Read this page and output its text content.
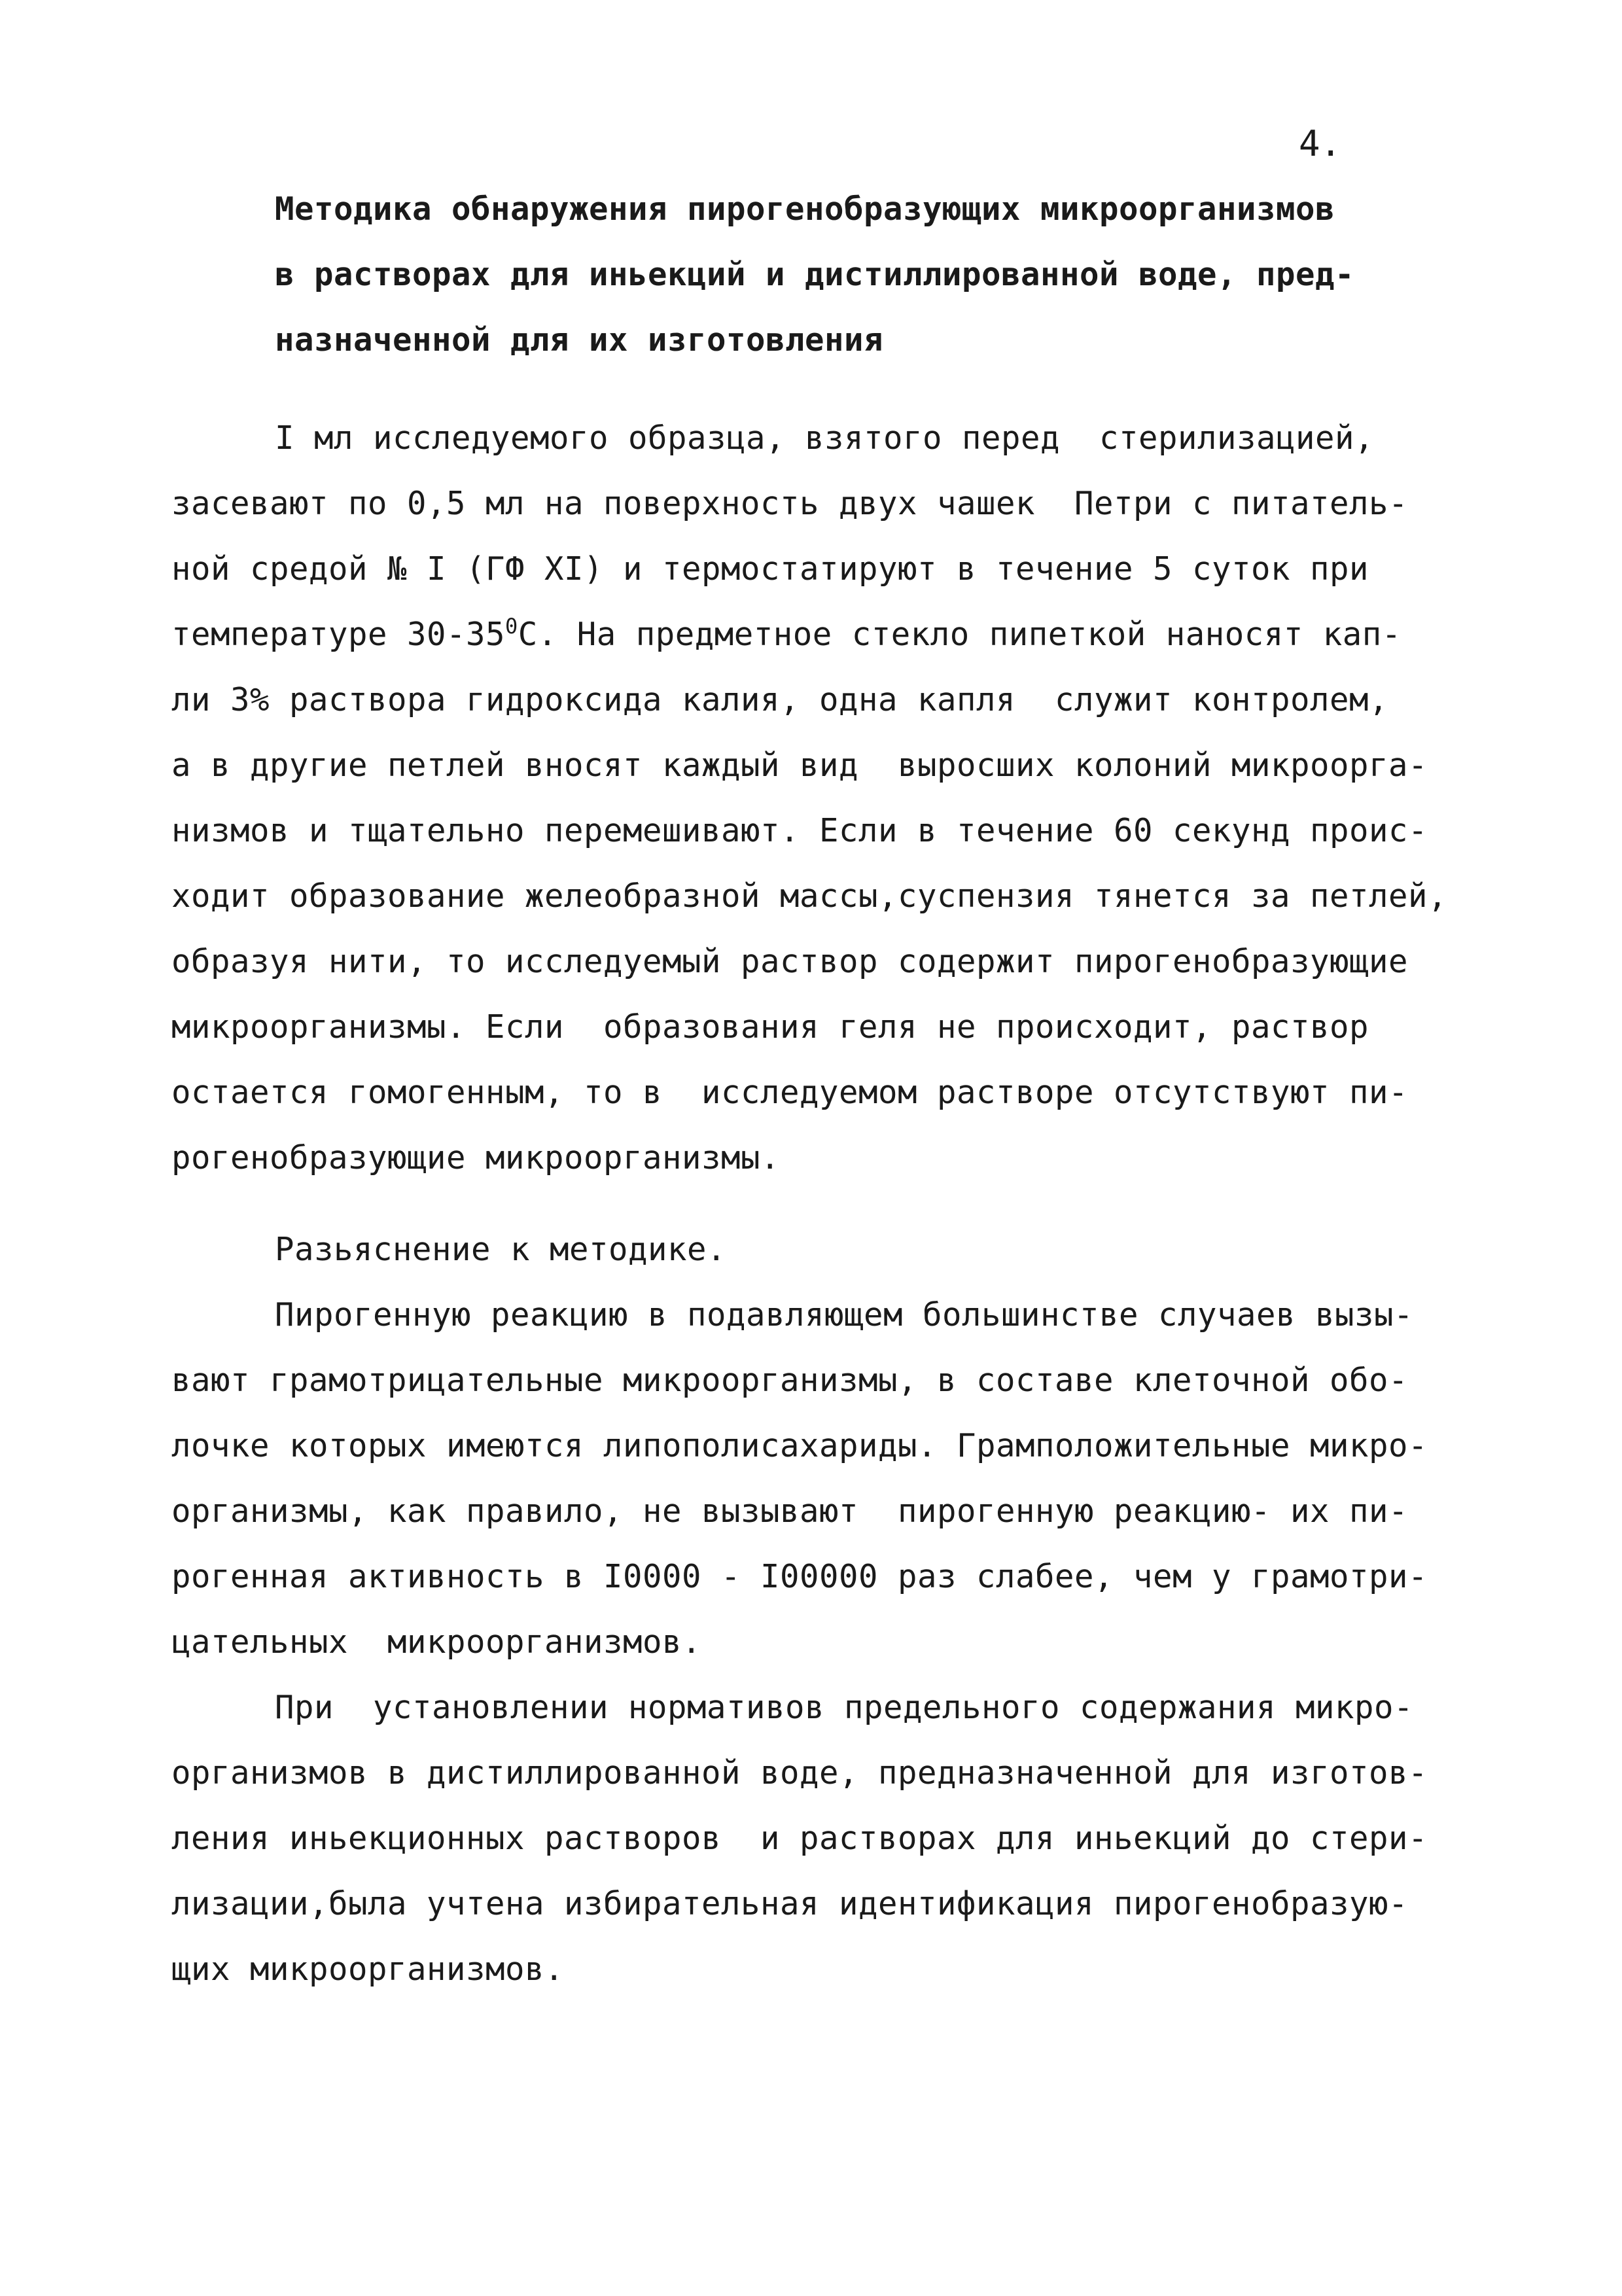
4.
Методика обнаружения пирогенобразующих микроорганизмов
в растворах для иньекций и дистиллированной воде, пред-
назначенной для их изготовления
I мл исследуемого образца, взятого перед  стерилизацией,
засевают по 0,5 мл на поверхность двух чашек  Петри с питатель-
ной средой № I (ГФ XI) и термостатируют в течение 5 суток при
температуре $30-35^0С$. На предметное стекло пипеткой наносят кап-
ли 3% раствора гидроксида калия, одна капля  служит контролем,
а в другие петлей вносят каждый вид  выросших колоний микроорга-
низмов и тщательно перемешивают. Если в течение 60 секунд проис-
ходит образование желеобразной массы,суспензия тянется за петлей,
образуя нити, то исследуемый раствор содержит пирогенобразующие
микроорганизмы. Если  образования геля не происходит, раствор
остается гомогенным, то в  исследуемом растворе отсутствуют пи-
рогенобразующие микроорганизмы.
Разьяснение к методике.
Пирогенную реакцию в подавляющем большинстве случаев вызы-
вают грамотрицательные микроорганизмы, в составе клеточной обо-
лочке которых имеются липополисахариды. Грамположительные микро-
организмы, как правило, не вызывают  пирогенную реакцию- их пи-
рогенная активность в I0000 - I00000 раз слабее, чем у грамотри-
цательных  микроорганизмов.
При  установлении нормативов предельного содержания микро-
организмов в дистиллированной воде, предназначенной для изготов-
ления иньекционных растворов  и растворах для иньекций до стери-
лизации,была учтена избирательная идентификация пирогенобразую-
щих микроорганизмов.
